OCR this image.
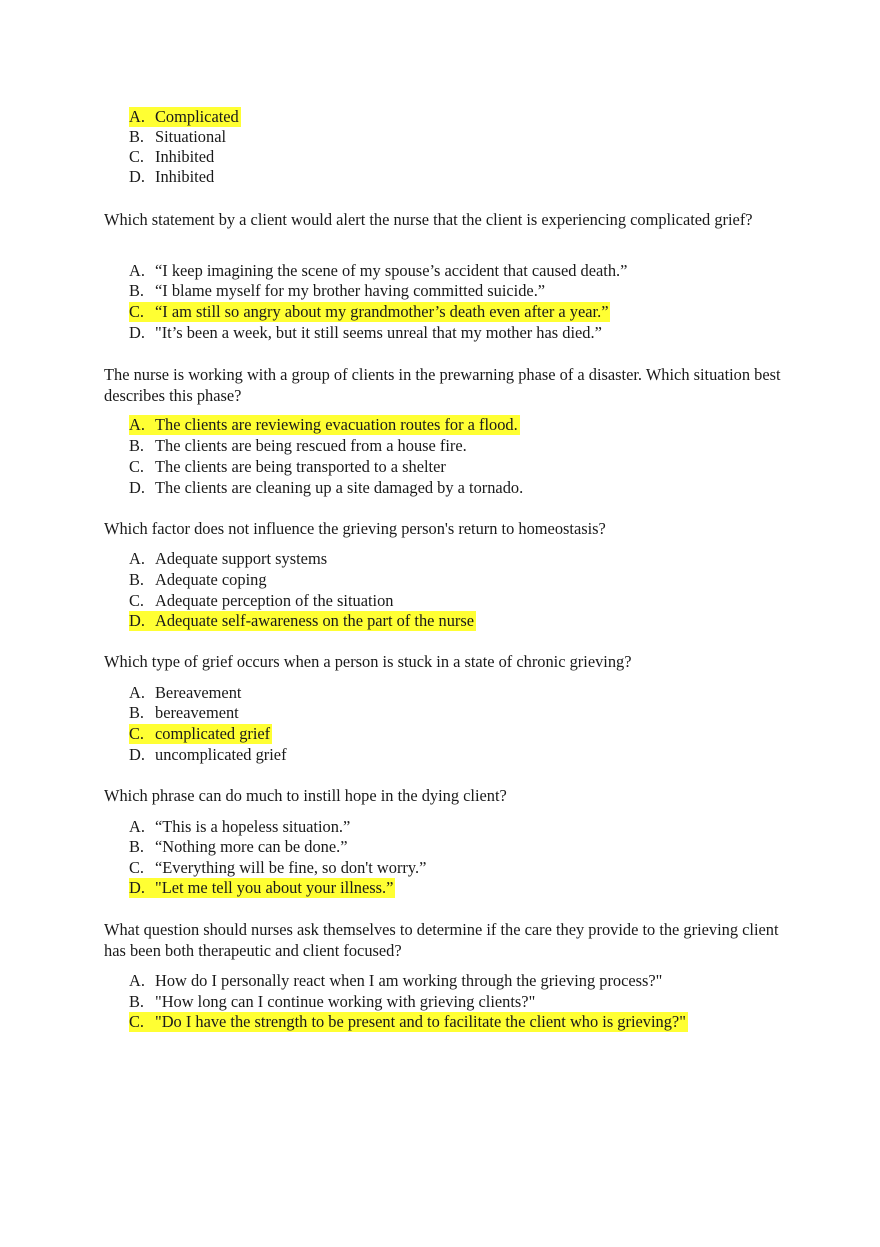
A. Complicated
B. Situational
C. Inhibited
D. Inhibited
Which statement by a client would alert the nurse that the client is experiencing complicated grief?
A. “I keep imagining the scene of my spouse’s accident that caused death.”
B. “I blame myself for my brother having committed suicide.”
C. “I am still so angry about my grandmother’s death even after a year.”
D. "It’s been a week, but it still seems unreal that my mother has died.”
The nurse is working with a group of clients in the prewarning phase of a disaster. Which situation best describes this phase?
A. The clients are reviewing evacuation routes for a flood.
B. The clients are being rescued from a house fire.
C. The clients are being transported to a shelter
D. The clients are cleaning up a site damaged by a tornado.
Which factor does not influence the grieving person's return to homeostasis?
A. Adequate support systems
B. Adequate coping
C. Adequate perception of the situation
D. Adequate self-awareness on the part of the nurse
Which type of grief occurs when a person is stuck in a state of chronic grieving?
A. Bereavement
B. bereavement
C. complicated grief
D. uncomplicated grief
Which phrase can do much to instill hope in the dying client?
A. “This is a hopeless situation.”
B. “Nothing more can be done.”
C. “Everything will be fine, so don't worry.”
D. "Let me tell you about your illness.”
What question should nurses ask themselves to determine if the care they provide to the grieving client has been both therapeutic and client focused?
A. How do I personally react when I am working through the grieving process?"
B. "How long can I continue working with grieving clients?"
C. "Do I have the strength to be present and to facilitate the client who is grieving?"
